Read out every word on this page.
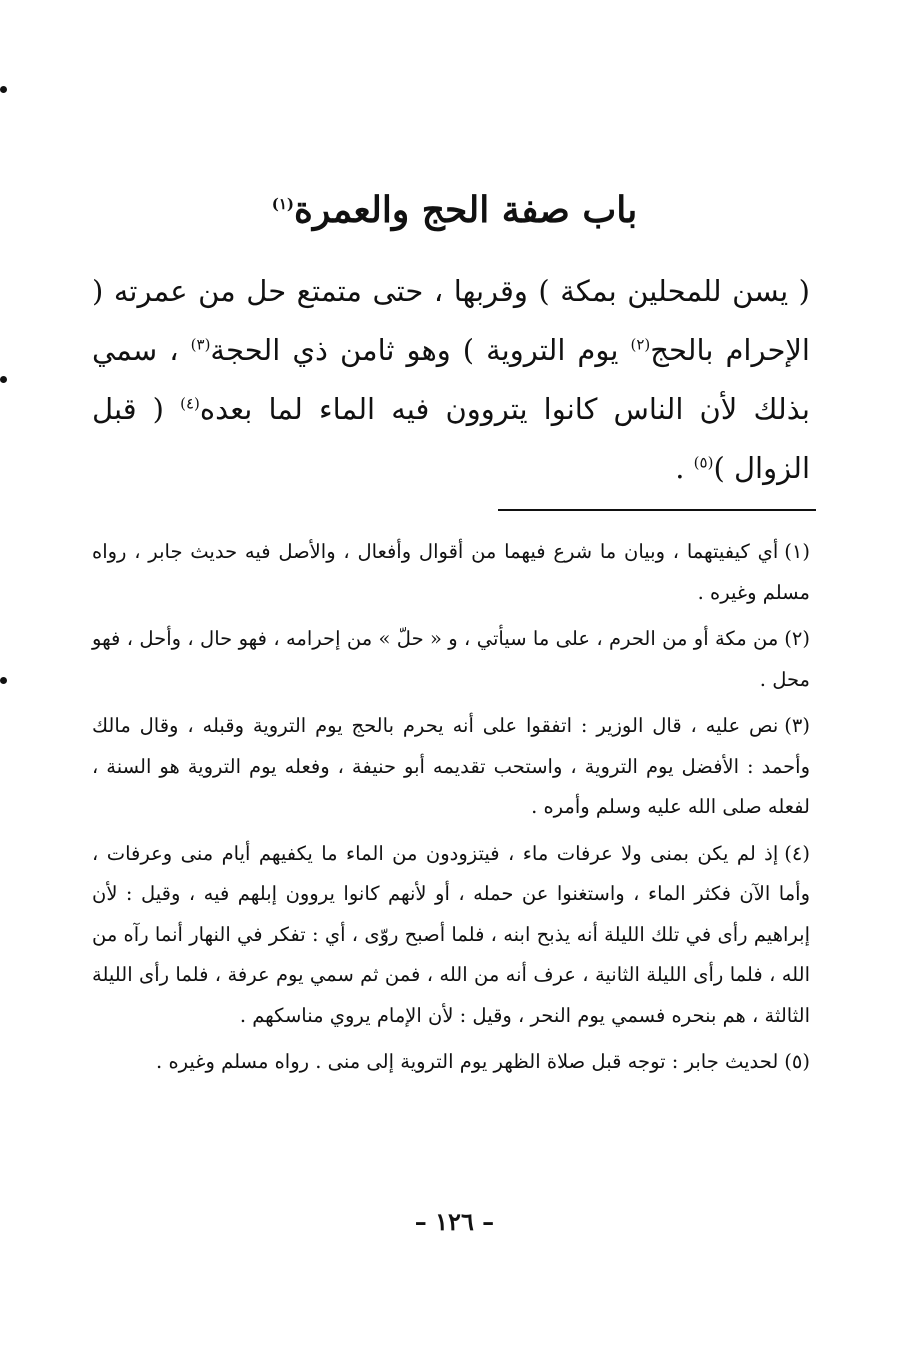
باب صفة الحج والعمرة$^{(١)}$

( يسن للمحلين بمكة ) وقربها ، حتى متمتع حل من عمرته ( الإحرام بالحج$^{(٢)}$ يوم التروية ) وهو ثامن ذي الحجة$^{(٣)}$ ، سمي بذلك لأن الناس كانوا يتروون فيه الماء لما بعده$^{(٤)}$ ( قبل الزوال )$^{(٥)}$ .

(١)أي كيفيتهما ، وبيان ما شرع فيهما من أقوال وأفعال ، والأصل فيه حديث جابر ، رواه مسلم وغيره .

(٢)من مكة أو من الحرم ، على ما سيأتي ، و « حلّ » من إحرامه ، فهو حال ، وأحل ، فهو محل .

(٣)نص عليه ، قال الوزير : اتفقوا على أنه يحرم بالحج يوم التروية وقبله ، وقال مالك وأحمد : الأفضل يوم التروية ، واستحب تقديمه أبو حنيفة ، وفعله يوم التروية هو السنة ، لفعله صلى الله عليه وسلم وأمره .

(٤)إذ لم يكن بمنى ولا عرفات ماء ، فيتزودون من الماء ما يكفيهم أيام منى وعرفات ، وأما الآن فكثر الماء ، واستغنوا عن حمله ، أو لأنهم كانوا يروون إبلهم فيه ، وقيل : لأن إبراهيم رأى في تلك الليلة أنه يذبح ابنه ، فلما أصبح روّى ، أي : تفكر في النهار أنما رآه من الله ، فلما رأى الليلة الثانية ، عرف أنه من الله ، فمن ثم سمي يوم عرفة ، فلما رأى الليلة الثالثة ، هم بنحره فسمي يوم النحر ، وقيل : لأن الإمام يروي مناسكهم .

(٥)لحديث جابر : توجه قبل صلاة الظهر يوم التروية إلى منى . رواه مسلم وغيره .

– ١٢٦ –
